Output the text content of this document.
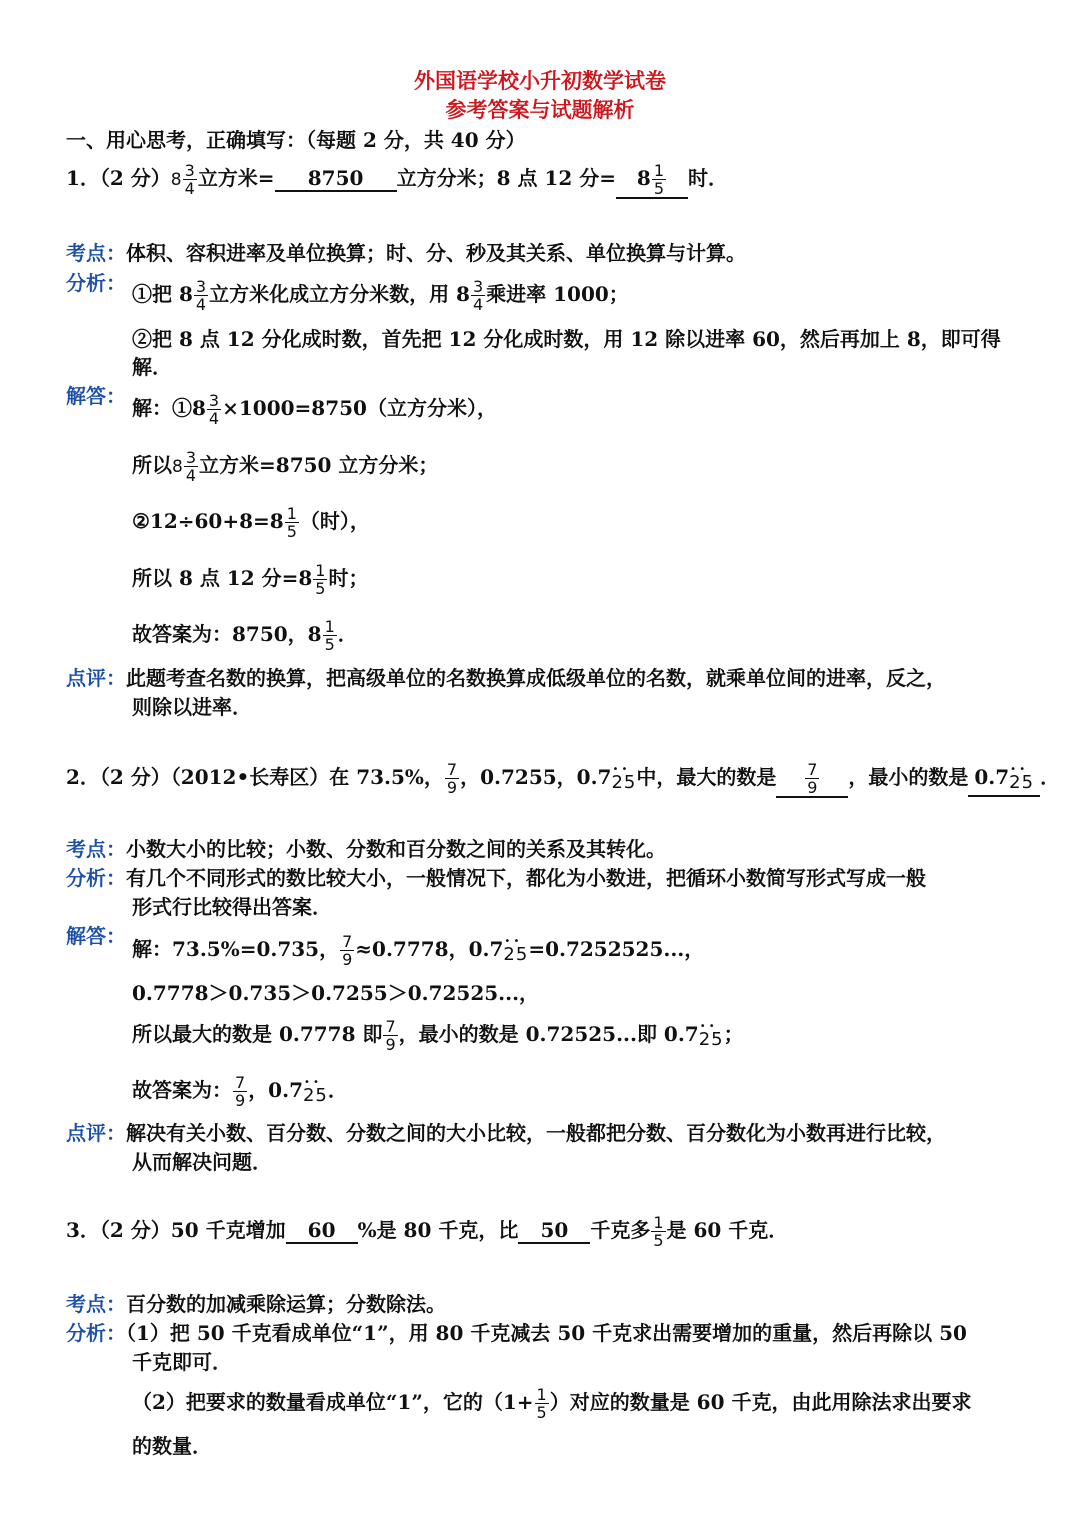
外国语学校小升初数学试卷
参考答案与试题解析
一、用心思考，正确填写：（每题 2 分，共 40 分）
1．（2 分）$8 \frac{3}{4}$ 立方米= 8750 立方分米；8 点 12 分= $8 \frac{1}{5}$ 时．
考点：体积、容积进率及单位换算；时、分、秒及其关系、单位换算与计算。
分析： ①把 $8 \frac{3}{4}$ 立方米化成立方分米数，用 $8 \frac{3}{4}$ 乘进率 1000；
②把 8 点 12 分化成时数，首先把 12 分化成时数，用 12 除以进率 60，然后再加上 8，即可得
解．
解答： 解：①8 $\frac{3}{4} \times 1000=8750$（立方分米），
所以$8 \frac{3}{4}$ 立方米=8750 立方分米；
②12÷60+8=8 $\frac{1}{5}$ （时），
所以 8 点 12 分$=8 \frac{1}{5}$ 时；
故答案为：8750，$8 \frac{1}{5}$ ．
点评：此题考查名数的换算，把高级单位的名数换算成低级单位的名数，就乘单位间的进率，反之，
则除以进率．
2．（2 分）（2012•长寿区）在 73.5%， $\frac{7}{9}$ ，0.7255，0.7• • 25中，最大的数是 $\frac{7}{9}$ ，最小的数是 0.7• • 25 ．
考点：小数大小的比较；小数、分数和百分数之间的关系及其转化。
分析：有几个不同形式的数比较大小，一般情况下，都化为小数进，把循环小数简写形式写成一般
形式行比较得出答案．
解答：
解：73.5%=0.735， $\frac{7}{9} \approx 0.7778$，0.7• • 25=0.7252525...，
0.7778＞0.735＞0.7255＞0.72525...，
所以最大的数是 0.7778 即 $\frac{7}{9}$ ，最小的数是 0.72525...即 0.7• • 25；
故答案为： $\frac{7}{9}$ ，0.7• • 25．
点评：解决有关小数、百分数、分数之间的大小比较，一般都把分数、百分数化为小数再进行比较，
从而解决问题．
3．（2 分）50 千克增加 60 %是 80 千克，比 50 千克多 $\frac{1}{5}$ 是 60 千克．
考点：百分数的加减乘除运算；分数除法。
分析：（1）把 50 千克看成单位“1”，用 80 千克减去 50 千克求出需要增加的重量，然后再除以 50
千克即可．
（2）把要求的数量看成单位“1”，它的（$1+ \frac{1}{5}$ ）对应的数量是 60 千克，由此用除法求出要求
的数量．
